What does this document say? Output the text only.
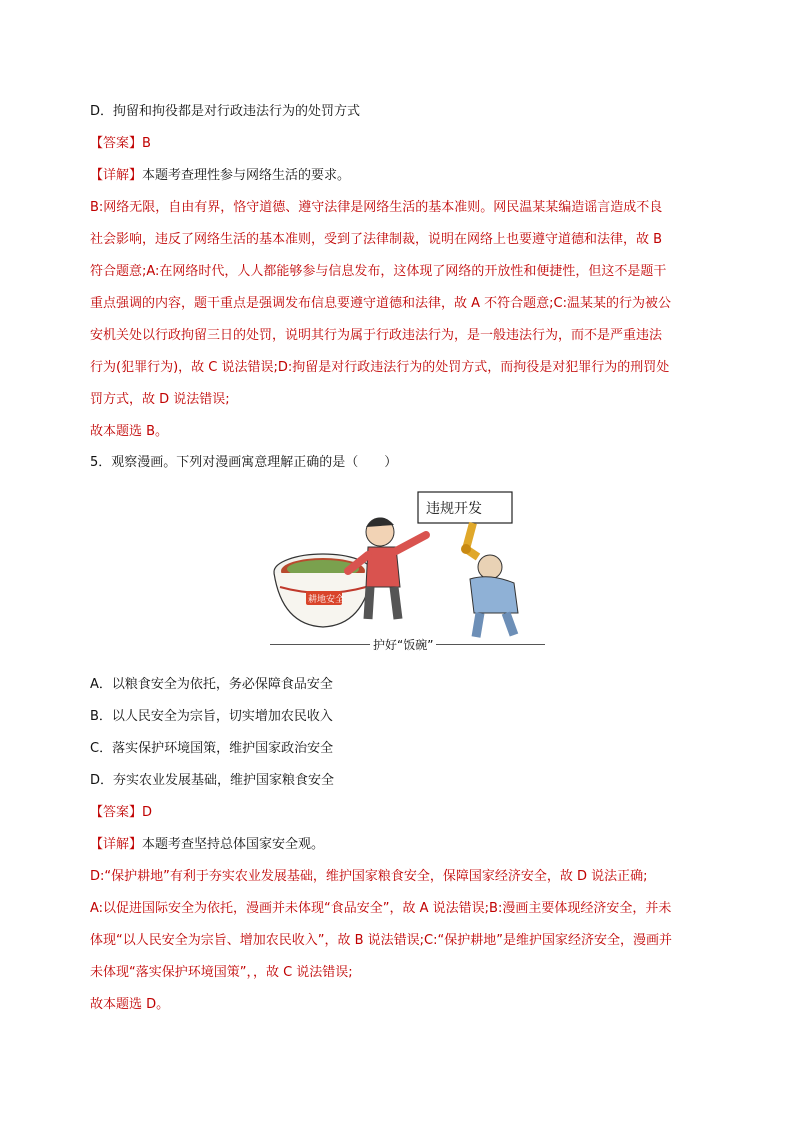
D．拘留和拘役都是对行政违法行为的处罚方式
【答案】B
【详解】本题考查理性参与网络生活的要求。
B:网络无限，自由有界，恪守道德、遵守法律是网络生活的基本准则。网民温某某编造谣言造成不良
社会影响，违反了网络生活的基本准则，受到了法律制裁，说明在网络上也要遵守道德和法律，故 B
符合题意;A:在网络时代，人人都能够参与信息发布，这体现了网络的开放性和便捷性，但这不是题干
重点强调的内容，题干重点是强调发布信息要遵守道德和法律，故 A 不符合题意;C:温某某的行为被公
安机关处以行政拘留三日的处罚，说明其行为属于行政违法行为，是一般违法行为，而不是严重违法
行为(犯罪行为)，故 C 说法错误;D:拘留是对行政违法行为的处罚方式，而拘役是对犯罪行为的刑罚处
罚方式，故 D 说法错误;
故本题选 B。
5．观察漫画。下列对漫画寓意理解正确的是（　　）
违规开发
耕地安全
护好“饭碗”
A．以粮食安全为依托，务必保障食品安全
B．以人民安全为宗旨，切实增加农民收入
C．落实保护环境国策，维护国家政治安全
D．夯实农业发展基础，维护国家粮食安全
【答案】D
【详解】本题考查坚持总体国家安全观。
D:“保护耕地”有利于夯实农业发展基础，维护国家粮食安全，保障国家经济安全，故 D 说法正确;
A:以促进国际安全为依托，漫画并未体现“食品安全”，故 A 说法错误;B:漫画主要体现经济安全，并未
体现“以人民安全为宗旨、增加农民收入”，故 B 说法错误;C:“保护耕地”是维护国家经济安全，漫画并
未体现“落实保护环境国策”，，故 C 说法错误;
故本题选 D。
